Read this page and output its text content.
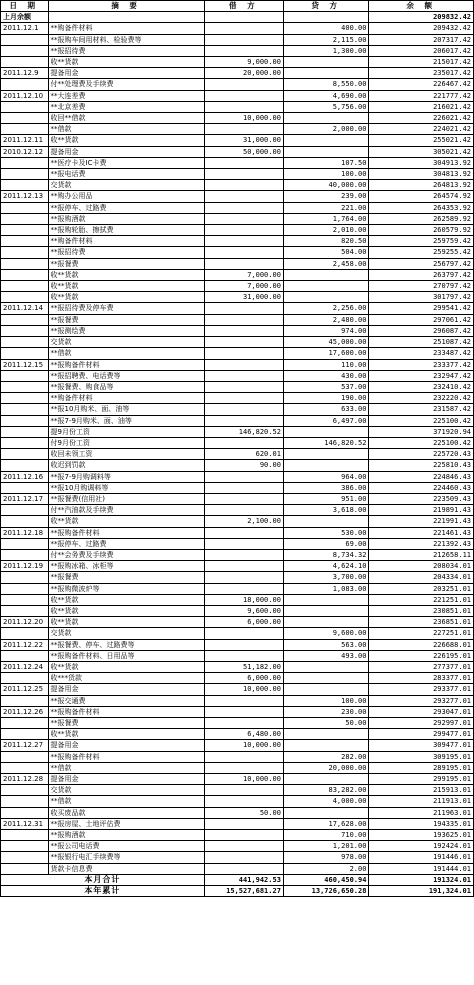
日 期	摘 要	借 方	贷 方	余 额
上月余额				209832.42
2011.12.1	**购备件材料		400.00	209432.42
	**报购车间用材料、检验费等		2,115.00	207317.42
	**报招待费		1,300.00	206017.42
	收**货款	9,000.00		215017.42
2011.12.9	提备用金	20,000.00		235017.42
	付**处理费及手续费		8,550.00	226467.42
2011.12.10	**大连差费		4,690.00	221777.42
	**北京差费		5,756.00	216021.42
	收回**借款	10,000.00		226021.42
	**借款		2,000.00	224021.42
2011.12.11	收**货款	31,000.00		255021.42
2010.12.12	提备用金	50,000.00		305021.42
	**医疗卡及IC卡费		107.50	304913.92
	**报电话费		100.00	304813.92
	交货款		40,000.00	264813.92
2011.12.13	**购办公用品		239.00	264574.92
	**报停车、过路费		221.00	264353.92
	**报购酒款		1,764.00	262589.92
	**报购轮胎、擦拭费		2,010.00	260579.92
	**购备件材料		820.50	259759.42
	**报招待费		504.00	259255.42
	**报餐费		2,458.00	256797.42
	收**货款	7,000.00		263797.42
	收**货款	7,000.00		270797.42
	收**货款	31,000.00		301797.42
2011.12.14	**报招待费及停车费		2,256.00	299541.42
	**报餐费		2,480.00	297061.42
	**报测绘费		974.00	296087.42
	交货款		45,000.00	251087.42
	**借款		17,600.00	233487.42
2011.12.15	**报购备件材料		110.00	233377.42
	**报招聘费、电话费等		430.00	232947.42
	**报餐费、购食品等		537.00	232410.42
	**购备件材料		190.00	232220.42
	**报10月购米、面、油等		633.00	231587.42
	**报7-9月购米、面、油等		6,497.00	225100.42
	提9月份工资	146,820.52		371920.94
	付9月份工资		146,820.52	225100.42
	收回未领工资	620.01		225720.43
	收迟到罚款	90.00		225810.43
2011.12.16	**报7-9月购调料等		964.00	224846.43
	**报10月购调料等		386.00	224460.43
2011.12.17	**报餐费(信用社)		951.00	223509.43
	付**汽油款及手续费		3,618.00	219891.43
	收**货款	2,100.00		221991.43
2011.12.18	**报购备件材料		530.00	221461.43
	**报停车、过路费		69.00	221392.43
	付**会务费及手续费		8,734.32	212658.11
2011.12.19	**报购冰箱、冰柜等		4,624.10	208034.01
	**报餐费		3,700.00	204334.01
	**报购微波炉等		1,083.00	203251.01
	收**货款	18,000.00		221251.01
	收**货款	9,600.00		230851.01
2011.12.20	收**货款	6,000.00		236851.01
	交货款		9,600.00	227251.01
2011.12.22	**报餐费、停车、过路费等		563.00	226688.01
	**报购备件材料、日用品等		493.00	226195.01
2011.12.24	收**货款	51,182.00		277377.01
	收***货款	6,000.00		283377.01
2011.12.25	提备用金	10,000.00		293377.01
	**报交通费		100.00	293277.01
2011.12.26	**报购备件材料		230.00	293047.01
	**报餐费		50.00	292997.01
	收**货款	6,480.00		299477.01
2011.12.27	提备用金	10,000.00		309477.01
	**报购备件材料		282.00	309195.01
	**借款		20,000.00	289195.01
2011.12.28	提备用金	10,000.00		299195.01
	交货款		83,282.00	215913.01
	**借款		4,000.00	211913.01
	收买废品款	50.00		211963.01
2011.12.31	**报房屋、土地评估费		17,628.00	194335.01
	**报购酒款		710.00	193625.01
	**报公司电话费		1,201.00	192424.01
	**报银行电汇手续费等		978.00	191446.01
	货款卡信息费		2.00	191444.01
本月合计		441,942.53	460,450.94	191324.01
本年累计		15,527,681.27	13,726,650.28	191,324.01
